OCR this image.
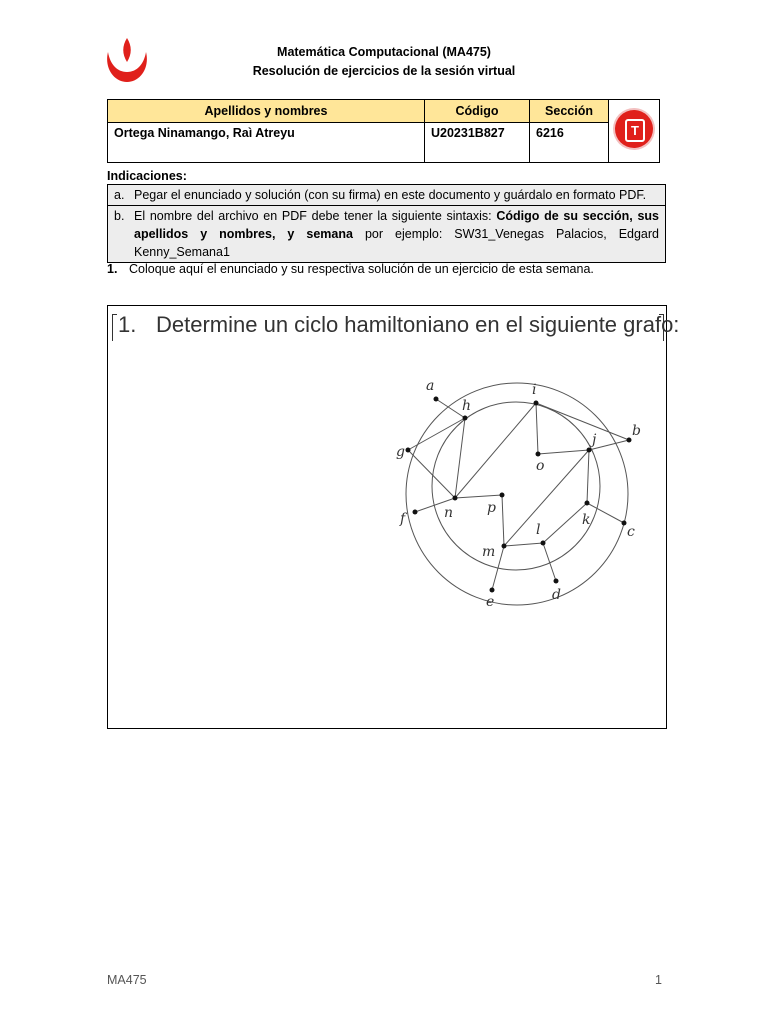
Matemática Computacional (MA475)
Resolución de ejercicios de la sesión virtual
Apellidos y nombres	Código	Sección	T

Ortega Ninamango, Raì Atreyu	U20231B827	6216	
Indicaciones:
a. Pegar el enunciado y solución (con su firma) en este documento y guárdalo en formato PDF.
b. El nombre del archivo en PDF debe tener la siguiente sintaxis: Código de su sección, sus apellidos y nombres, y semana por ejemplo: SW31_Venegas Palacios, Edgard Kenny_Semana1
1. Coloque aquí el enunciado y su respectiva solución de un ejercicio de esta semana.
1. Determine un ciclo hamiltoniano en el siguiente grafo:
a
h
i
b
j
o
g
p
n
f	k
c
l
m
e	d
MA475	1
